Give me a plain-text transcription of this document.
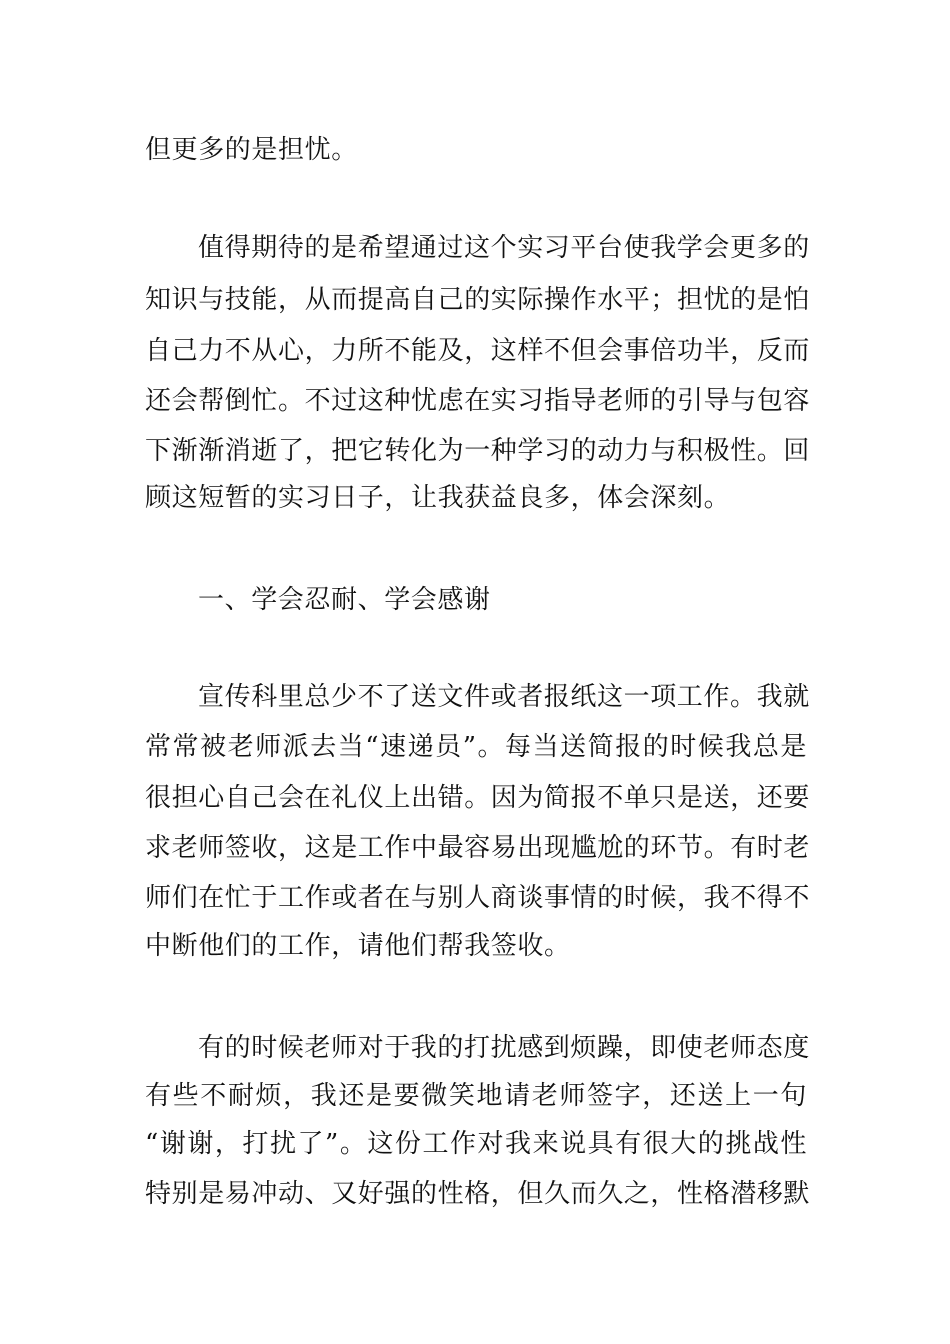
但更多的是担忧。
值得期待的是希望通过这个实习平台使我学会更多的
知识与技能，从而提高自己的实际操作水平；担忧的是怕
自己力不从心，力所不能及，这样不但会事倍功半，反而
还会帮倒忙。不过这种忧虑在实习指导老师的引导与包容
下渐渐消逝了，把它转化为一种学习的动力与积极性。回
顾这短暂的实习日子，让我获益良多，体会深刻。
一、学会忍耐、学会感谢
宣传科里总少不了送文件或者报纸这一项工作。我就
常常被老师派去当“速递员”。每当送简报的时候我总是
很担心自己会在礼仪上出错。因为简报不单只是送，还要
求老师签收，这是工作中最容易出现尴尬的环节。有时老
师们在忙于工作或者在与别人商谈事情的时候，我不得不
中断他们的工作，请他们帮我签收。
有的时候老师对于我的打扰感到烦躁，即使老师态度
有些不耐烦，我还是要微笑地请老师签字，还送上一句
“谢谢，打扰了”。这份工作对我来说具有很大的挑战性
特别是易冲动、又好强的性格，但久而久之，性格潜移默
